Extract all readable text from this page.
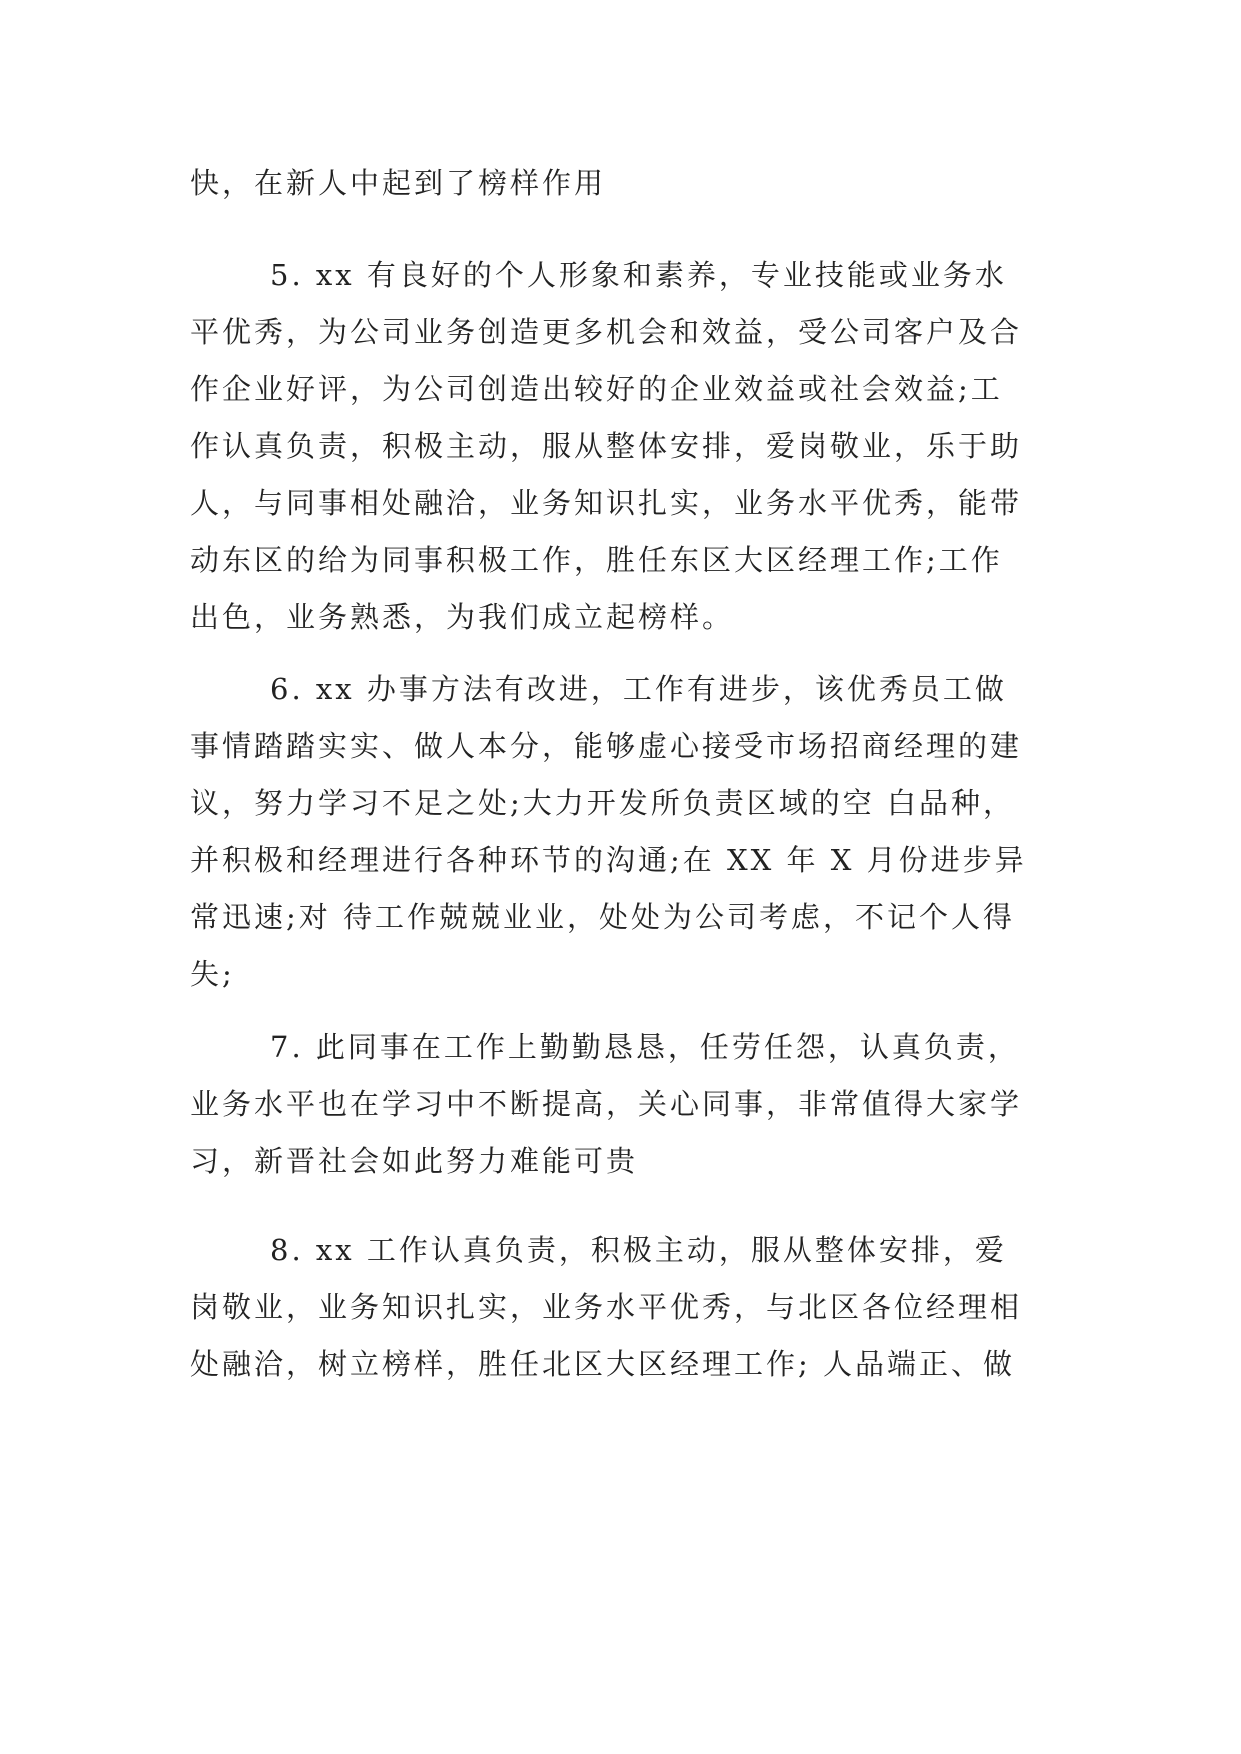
快，在新人中起到了榜样作用
5. xx 有良好的个人形象和素养，专业技能或业务水
平优秀，为公司业务创造更多机会和效益，受公司客户及合
作企业好评，为公司创造出较好的企业效益或社会效益;工
作认真负责，积极主动，服从整体安排，爱岗敬业，乐于助
人，与同事相处融洽，业务知识扎实，业务水平优秀，能带
动东区的给为同事积极工作，胜任东区大区经理工作;工作
出色，业务熟悉，为我们成立起榜样。
6. xx 办事方法有改进，工作有进步，该优秀员工做
事情踏踏实实、做人本分，能够虚心接受市场招商经理的建
议，努力学习不足之处;大力开发所负责区域的空 白品种，
并积极和经理进行各种环节的沟通;在 XX 年 X 月份进步异
常迅速;对 待工作兢兢业业，处处为公司考虑，不记个人得
失;
7. 此同事在工作上勤勤恳恳，任劳任怨，认真负责，
业务水平也在学习中不断提高，关心同事，非常值得大家学
习，新晋社会如此努力难能可贵
8. xx 工作认真负责，积极主动，服从整体安排，爱
岗敬业，业务知识扎实，业务水平优秀，与北区各位经理相
处融洽，树立榜样，胜任北区大区经理工作; 人品端正、做
